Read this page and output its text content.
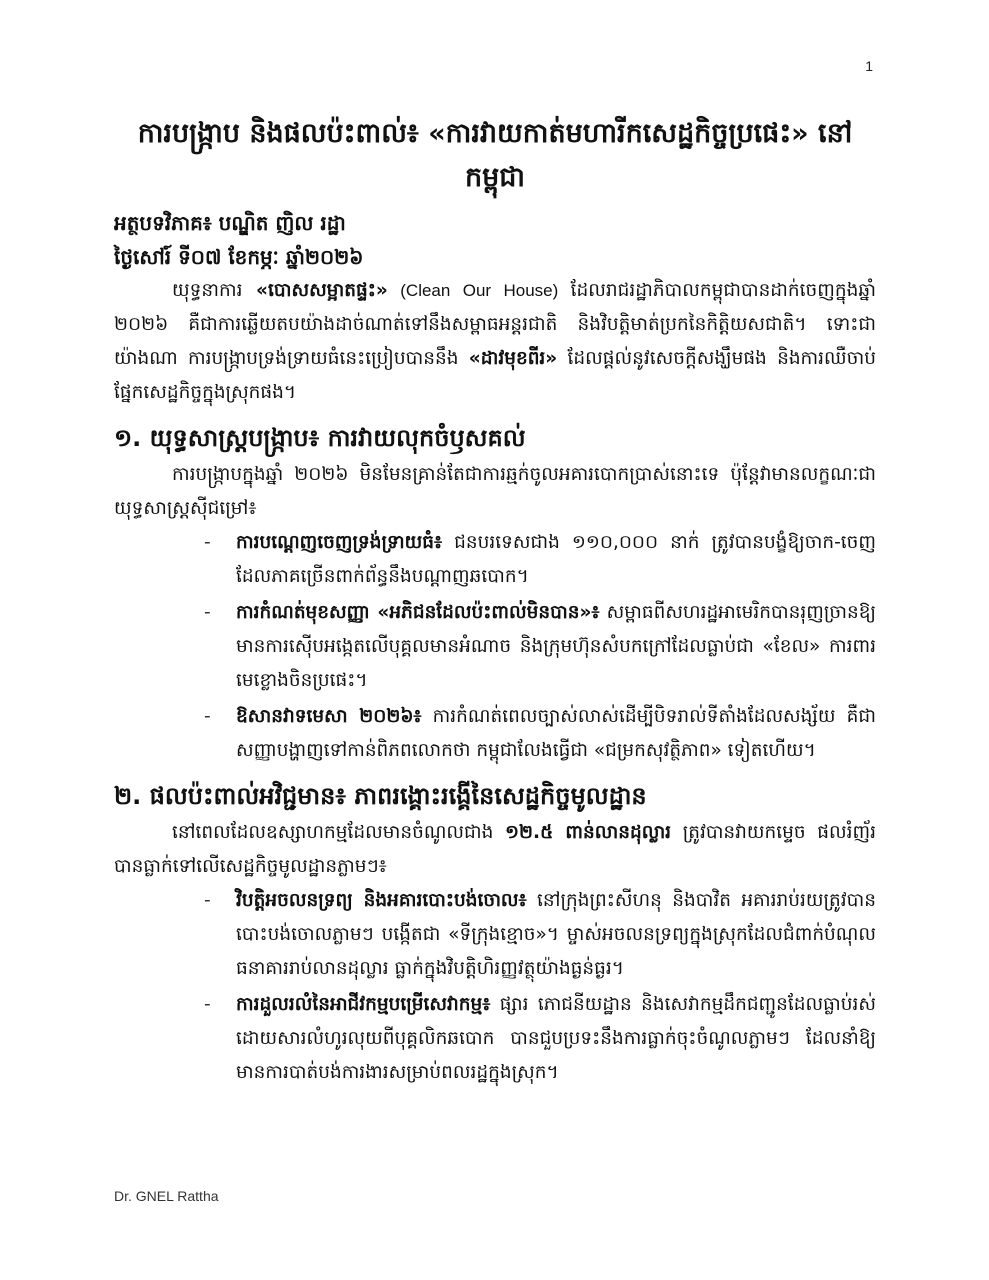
1
ការបង្ក្រាប និងផលប៉ះពាល់៖ «ការវាយកាត់មហារីកសេដ្ឋកិច្ចប្រផេះ» នៅកម្ពុជា

អត្ថបទវិភាគ៖ បណ្ឌិត ញិល រដ្ឋា

ថ្ងៃសៅរ៍ ទី០៧ ខែកម្ភៈ ឆ្នាំ២០២៦

យុទ្ធនាការ «បោសសម្អាតផ្ទះ» (Clean Our House) ដែលរាជរដ្ឋាភិបាលកម្ពុជាបានដាក់ចេញក្នុងឆ្នាំ ២០២៦ គឺជាការឆ្លើយតបយ៉ាងដាច់ណាត់ទៅនឹងសម្ពាធអន្តរជាតិ និងវិបត្តិមាត់ប្រកនៃកិត្តិយសជាតិ។ ទោះជាយ៉ាងណា ការបង្ក្រាបទ្រង់ទ្រាយធំនេះប្រៀបបាននឹង «ដាវមុខពីរ» ដែលផ្តល់នូវសេចក្តីសង្ឃឹមផង និងការឈឺចាប់ផ្នែកសេដ្ឋកិច្ចក្នុងស្រុកផង។

១. យុទ្ធសាស្ត្របង្ក្រាប៖ ការវាយលុកចំឫសគល់

ការបង្ក្រាបក្នុងឆ្នាំ ២០២៦ មិនមែនគ្រាន់តែជាការឆ្មក់ចូលអគារបោកប្រាស់នោះទេ ប៉ុន្តែវាមានលក្ខណៈជាយុទ្ធសាស្ត្រស៊ីជម្រៅ៖

- ការបណ្តេញចេញទ្រង់ទ្រាយធំ៖ ជនបរទេសជាង ១១០,០០០ នាក់ ត្រូវបានបង្ខំឱ្យចាក-ចេញ ដែលភាគច្រើនពាក់ព័ន្ធនឹងបណ្តាញឆបោក។
- ការកំណត់មុខសញ្ញា «អភិជនដែលប៉ះពាល់មិនបាន»៖ សម្ពាធពីសហរដ្ឋអាមេរិកបានរុញច្រានឱ្យមានការស៊ើបអង្កេតលើបុគ្គលមានអំណាច និងក្រុមហ៊ុនសំបកក្រៅដែលធ្លាប់ជា «ខែល» ការពារមេខ្លោងចិនប្រផេះ។
- ឱសានវាទមេសា ២០២៦៖ ការកំណត់ពេលច្បាស់លាស់ដើម្បីបិទរាល់ទីតាំងដែលសង្ស័យ គឺជាសញ្ញាបង្ហាញទៅកាន់ពិភពលោកថា កម្ពុជាលែងធ្វើជា «ជម្រកសុវត្ថិភាព» ទៀតហើយ។
២. ផលប៉ះពាល់អវិជ្ជមាន៖ ភាពរង្គោះរង្គើនៃសេដ្ឋកិច្ចមូលដ្ឋាន

នៅពេលដែលឧស្សាហកម្មដែលមានចំណូលជាង ១២.៥ ពាន់លានដុល្លារ ត្រូវបានវាយកម្ទេច ផលរំញ័របានធ្លាក់ទៅលើសេដ្ឋកិច្ចមូលដ្ឋានភ្លាមៗ៖

- វិបត្តិអចលនទ្រព្យ និងអគារបោះបង់ចោល៖ នៅក្រុងព្រះសីហនុ និងបាវិត អគាររាប់រយត្រូវបានបោះបង់ចោលភ្លាមៗ បង្កើតជា «ទីក្រុងខ្មោច»។ ម្ចាស់អចលនទ្រព្យក្នុងស្រុកដែលជំពាក់បំណុលធនាគាររាប់លានដុល្លារ ធ្លាក់ក្នុងវិបត្តិហិរញ្ញវត្ថុយ៉ាងធ្ងន់ធ្ងរ។
- ការដួលរលំនៃអាជីវកម្មបម្រើសេវាកម្ម៖ ផ្សារ ភោជនីយដ្ឋាន និងសេវាកម្មដឹកជញ្ជូនដែលធ្លាប់រស់ដោយសារលំហូរលុយពីបុគ្គលិកឆបោក បានជួបប្រទះនឹងការធ្លាក់ចុះចំណូលភ្លាមៗ ដែលនាំឱ្យមានការបាត់បង់ការងារសម្រាប់ពលរដ្ឋក្នុងស្រុក។
Dr. GNEL Rattha
